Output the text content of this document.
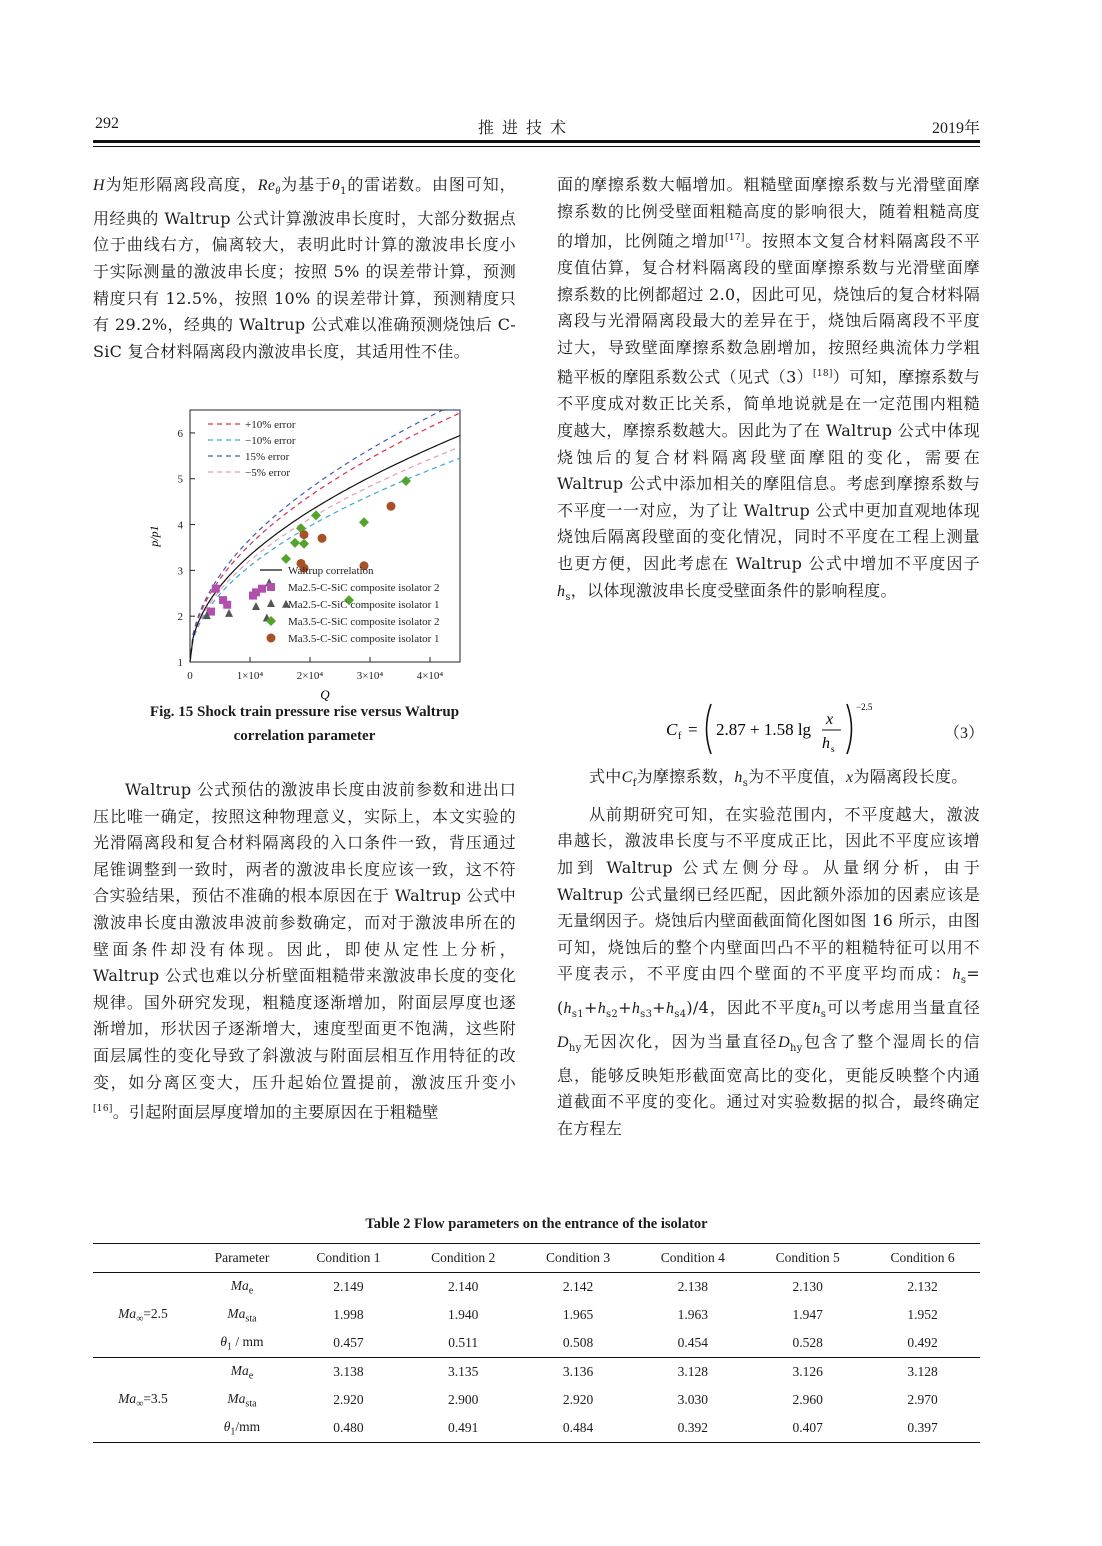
292	推 进 技 术	2019年

H为矩形隔离段高度，$Re_\theta$为基于$\theta_1$的雷诺数。由图可知，用经典的 Waltrup 公式计算激波串长度时，大部分数据点位于曲线右方，偏离较大，表明此时计算的激波串长度小于实际测量的激波串长度；按照 5% 的误差带计算，预测精度只有 12.5%，按照 10% 的误差带计算，预测精度只有 29.2%，经典的 Waltrup 公式难以准确预测烧蚀后 C-SiC 复合材料隔离段内激波串长度，其适用性不佳。

0	1×10⁴	2×10⁴	3×10⁴	4×10⁴
1
2
3
4
5
6
Q
p/p1
+10% error
−10% error
15% error
−5% error
Waltrup correlation
Ma2.5-C-SiC composite isolator 2
Ma2.5-C-SiC composite isolator 1
Ma3.5-C-SiC composite isolator 2
Ma3.5-C-SiC composite isolator 1
Fig. 15 Shock train pressure rise versus Waltrup
correlation parameter

Waltrup 公式预估的激波串长度由波前参数和进出口压比唯一确定，按照这种物理意义，实际上，本文实验的光滑隔离段和复合材料隔离段的入口条件一致，背压通过尾锥调整到一致时，两者的激波串长度应该一致，这不符合实验结果，预估不准确的根本原因在于 Waltrup 公式中激波串长度由激波串波前参数确定，而对于激波串所在的壁面条件却没有体现。因此，即使从定性上分析，Waltrup 公式也难以分析壁面粗糙带来激波串长度的变化规律。国外研究发现，粗糙度逐渐增加，附面层厚度也逐渐增加，形状因子逐渐增大，速度型面更不饱满，这些附面层属性的变化导致了斜激波与附面层相互作用特征的改变，如分离区变大，压升起始位置提前，激波压升变小[16]。引起附面层厚度增加的主要原因在于粗糙壁

面的摩擦系数大幅增加。粗糙壁面摩擦系数与光滑壁面摩擦系数的比例受壁面粗糙高度的影响很大，随着粗糙高度的增加，比例随之增加[17]。按照本文复合材料隔离段不平度值估算，复合材料隔离段的壁面摩擦系数与光滑壁面摩擦系数的比例都超过 2.0，因此可见，烧蚀后的复合材料隔离段与光滑隔离段最大的差异在于，烧蚀后隔离段不平度过大，导致壁面摩擦系数急剧增加，按照经典流体力学粗糙平板的摩阻系数公式（见式（3）[18]）可知，摩擦系数与不平度成对数正比关系，简单地说就是在一定范围内粗糙度越大，摩擦系数越大。因此为了在 Waltrup 公式中体现烧蚀后的复合材料隔离段壁面摩阻的变化，需要在 Waltrup 公式中添加相关的摩阻信息。考虑到摩擦系数与不平度一一对应，为了让 Waltrup 公式中更加直观地体现烧蚀后隔离段壁面的变化情况，同时不平度在工程上测量也更方便，因此考虑在 Waltrup 公式中增加不平度因子$h_s$，以体现激波串长度受壁面条件的影响程度。

C f = 2.87 + 1.58 lg
x
h s
−2.5
（3）

式中$C_f$为摩擦系数，$h_s$为不平度值，x为隔离段长度。

从前期研究可知，在实验范围内，不平度越大，激波串越长，激波串长度与不平度成正比，因此不平度应该增加到 Waltrup 公式左侧分母。从量纲分析，由于 Waltrup 公式量纲已经匹配，因此额外添加的因素应该是无量纲因子。烧蚀后内壁面截面简化图如图 16 所示，由图可知，烧蚀后的整个内壁面凹凸不平的粗糙特征可以用不平度表示，不平度由四个壁面的不平度平均而成：$h_s=(h_{s1}+h_{s2}+h_{s3}+h_{s4})/4$，因此不平度$h_s$可以考虑用当量直径$D_{hy}$无因次化，因为当量直径$D_{hy}$包含了整个湿周长的信息，能够反映矩形截面宽高比的变化，更能反映整个内通道截面不平度的变化。通过对实验数据的拟合，最终确定在方程左

Table 2 Flow parameters on the entrance of the isolator
	Parameter	Condition 1	Condition 2	Condition 3	Condition 4	Condition 5	Condition 6
$Ma_\infty=2.5$	$Ma_e$	2.149	2.140	2.142	2.138	2.130	2.132
	$Ma_{sta}$	1.998	1.940	1.965	1.963	1.947	1.952
	$\theta_1$ / mm	0.457	0.511	0.508	0.454	0.528	0.492
$Ma_\infty=3.5$	$Ma_e$	3.138	3.135	3.136	3.128	3.126	3.128
	$Ma_{sta}$	2.920	2.900	2.920	3.030	2.960	2.970
	$\theta_1/mm$	0.480	0.491	0.484	0.392	0.407	0.397
